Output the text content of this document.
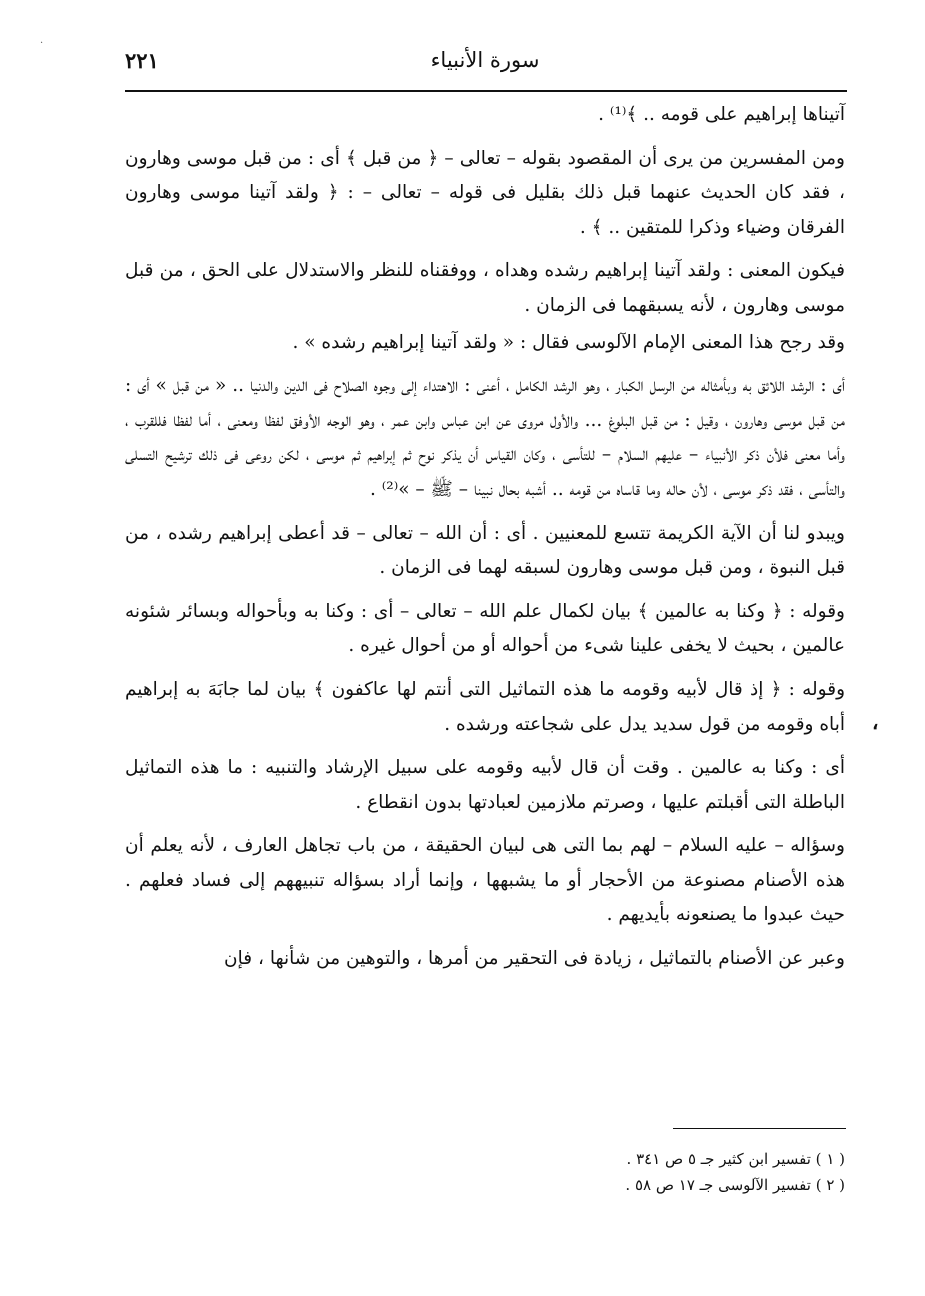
٢٢١	سورة الأنبياء

آتيناها إبراهيم على قومه .. ﴾⁽¹⁾ .

ومن المفسرين من يرى أن المقصود بقوله – تعالى – ﴿ من قبل ﴾ أى : من قبل موسى وهارون ، فقد كان الحديث عنهما قبل ذلك بقليل فى قوله – تعالى – : ﴿ ولقد آتينا موسى وهارون الفرقان وضياء وذكرا للمتقين .. ﴾ .

فيكون المعنى : ولقد آتينا إبراهيم رشده وهداه ، ووفقناه للنظر والاستدلال على الحق ، من قبل موسى وهارون ، لأنه يسبقهما فى الزمان .

وقد رجح هذا المعنى الإمام الآلوسى فقال : « ولقد آتينا إبراهيم رشده » .

أى : الرشد اللائق به وبأمثاله من الرسل الكبار ، وهو الرشد الكامل ، أعنى : الاهتداء إلى وجوه الصلاح فى الدين والدنيا .. « من قبل » أى : من قبل موسى وهارون ، وقيل : من قبل البلوغ ... والأول مروى عن ابن عباس وابن عمر ، وهو الوجه الأوفق لفظا ومعنى ، أما لفظا فللقرب ، وأما معنى فلأن ذكر الأنبياء – عليهم السلام – للتأسى ، وكان القياس أن يذكر نوح ثم إبراهيم ثم موسى ، لكن روعى فى ذلك ترشيح التسلى والتأسى ، فقد ذكر موسى ، لأن حاله وما قاساه من قومه .. أشبه بحال نبينا – ﷺ – »⁽²⁾ .

ويبدو لنا أن الآية الكريمة تتسع للمعنيين . أى : أن الله – تعالى – قد أعطى إبراهيم رشده ، من قبل النبوة ، ومن قبل موسى وهارون لسبقه لهما فى الزمان .

وقوله : ﴿ وكنا به عالمين ﴾ بيان لكمال علم الله – تعالى – أى : وكنا به وبأحواله وبسائر شئونه عالمين ، بحيث لا يخفى علينا شىء من أحواله أو من أحوال غيره .

وقوله : ﴿ إذ قال لأبيه وقومه ما هذه التماثيل التى أنتم لها عاكفون ﴾ بيان لما جابَهَ به إبراهيم أباه وقومه من قول سديد يدل على شجاعته ورشده .

أى : وكنا به عالمين . وقت أن قال لأبيه وقومه على سبيل الإرشاد والتنبيه : ما هذه التماثيل الباطلة التى أقبلتم عليها ، وصرتم ملازمين لعبادتها بدون انقطاع .

وسؤاله – عليه السلام – لهم بما التى هى لبيان الحقيقة ، من باب تجاهل العارف ، لأنه يعلم أن هذه الأصنام مصنوعة من الأحجار أو ما يشبهها ، وإنما أراد بسؤاله تنبيههم إلى فساد فعلهم . حيث عبدوا ما يصنعونه بأيديهم .

وعبر عن الأصنام بالتماثيل ، زيادة فى التحقير من أمرها ، والتوهين من شأنها ، فإن

( ١ ) تفسير ابن كثير جـ ٥ ص ٣٤١ .

( ٢ ) تفسير الآلوسى جـ ١٧ ص ٥٨ .

،
·
